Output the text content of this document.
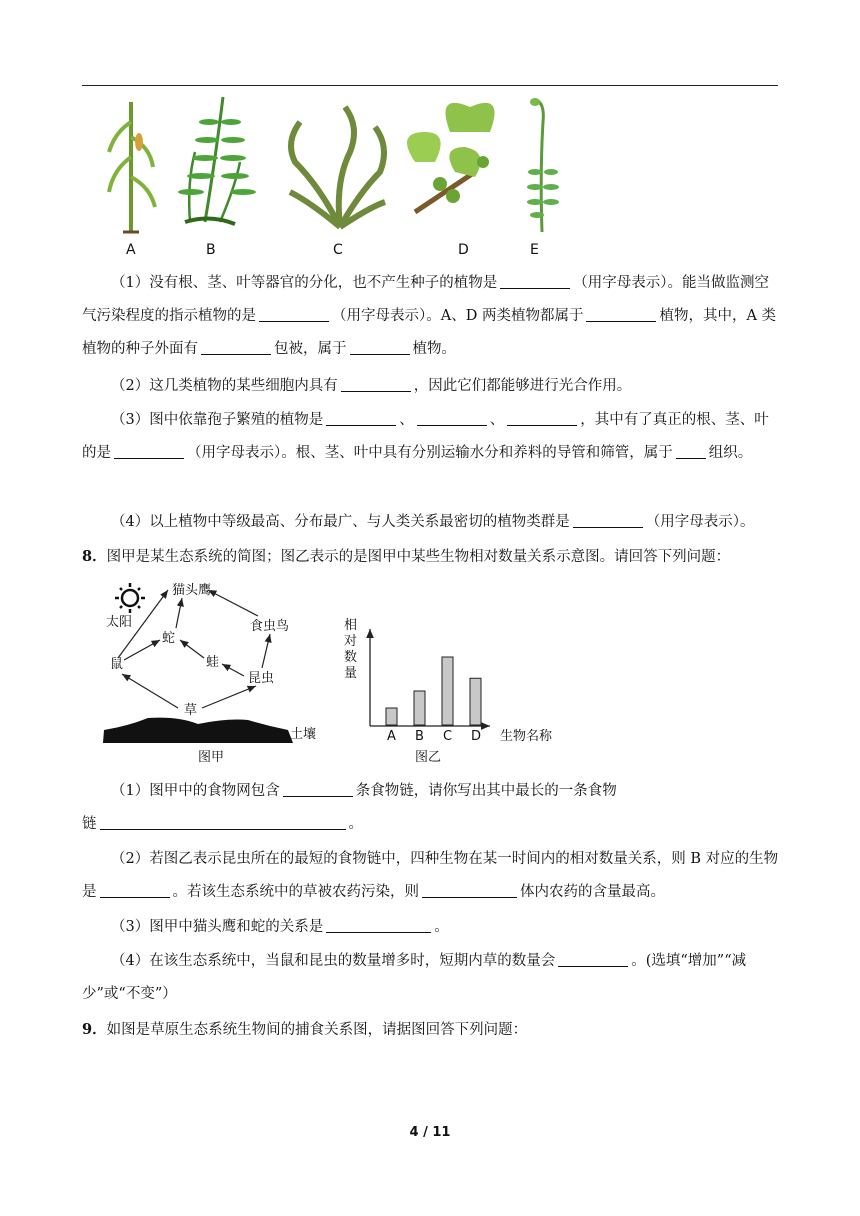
A	B	C	D	E

（1）没有根、茎、叶等器官的分化，也不产生种子的植物是	（用字母表示）。能当做监测空气污染程度的指示植物的是	（用字母表示）。A、D 两类植物都属于	植物，其中，A 类植物的种子外面有	包被，属于	植物。

（2）这几类植物的某些细胞内具有	，因此它们都能够进行光合作用。

（3）图中依靠孢子繁殖的植物是	、	、	，其中有了真正的根、茎、叶的是	（用字母表示）。根、茎、叶中具有分别运输水分和养料的导管和筛管，属于 组织。

（4）以上植物中等级最高、分布最广、与人类关系最密切的植物类群是	（用字母表示）。

8．图甲是某生态系统的简图；图乙表示的是图甲中某些生物相对数量关系示意图。请回答下列问题：

太阳
猫头鹰
食虫鸟
蛇
蛙
鼠
昆虫
草
土壤
图甲
相
对
数
量
A B C D 生物名称
图乙

（1）图甲中的食物网包含	条食物链，请你写出其中最长的一条食物
链	。

（2）若图乙表示昆虫所在的最短的食物链中，四种生物在某一时间内的相对数量关系，则 B 对应的生物是	。若该生态系统中的草被农药污染，则	体内农药的含量最高。

（3）图甲中猫头鹰和蛇的关系是	。

（4）在该生态系统中，当鼠和昆虫的数量增多时，短期内草的数量会	。(选填“增加”“减少”或“不变”）

9．如图是草原生态系统生物间的捕食关系图，请据图回答下列问题：

4 / 11
